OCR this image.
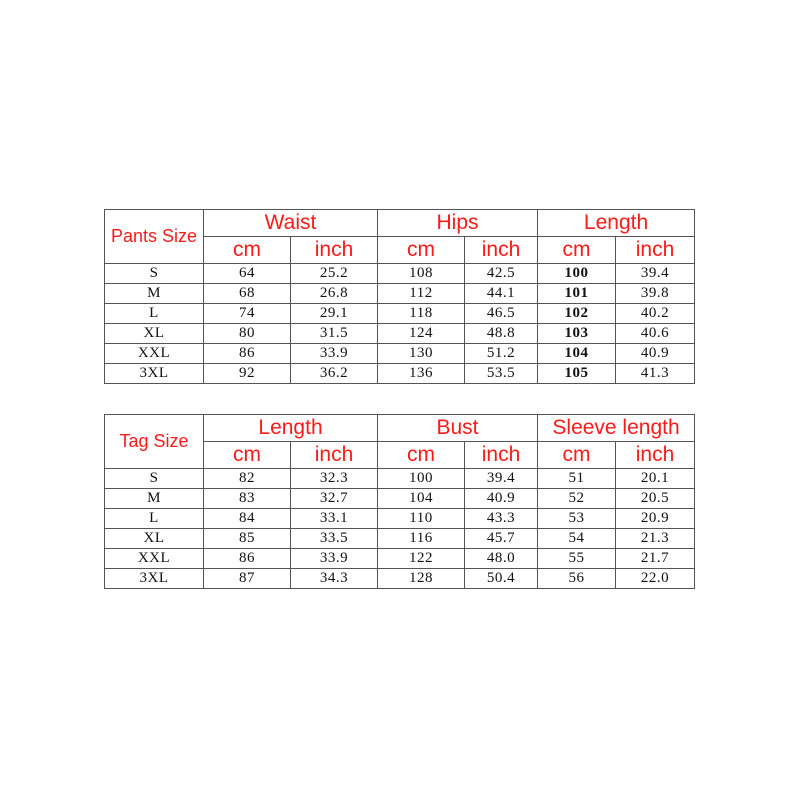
Pants Size	Waist		Hips		Length	
	cm	inch	cm	inch	cm	inch
S	64	25.2	108	42.5	100	39.4
M	68	26.8	112	44.1	101	39.8
L	74	29.1	118	46.5	102	40.2
XL	80	31.5	124	48.8	103	40.6
XXL	86	33.9	130	51.2	104	40.9
3XL	92	36.2	136	53.5	105	41.3
Tag Size	Length		Bust		Sleeve length	
	cm	inch	cm	inch	cm	inch
S	82	32.3	100	39.4	51	20.1
M	83	32.7	104	40.9	52	20.5
L	84	33.1	110	43.3	53	20.9
XL	85	33.5	116	45.7	54	21.3
XXL	86	33.9	122	48.0	55	21.7
3XL	87	34.3	128	50.4	56	22.0
